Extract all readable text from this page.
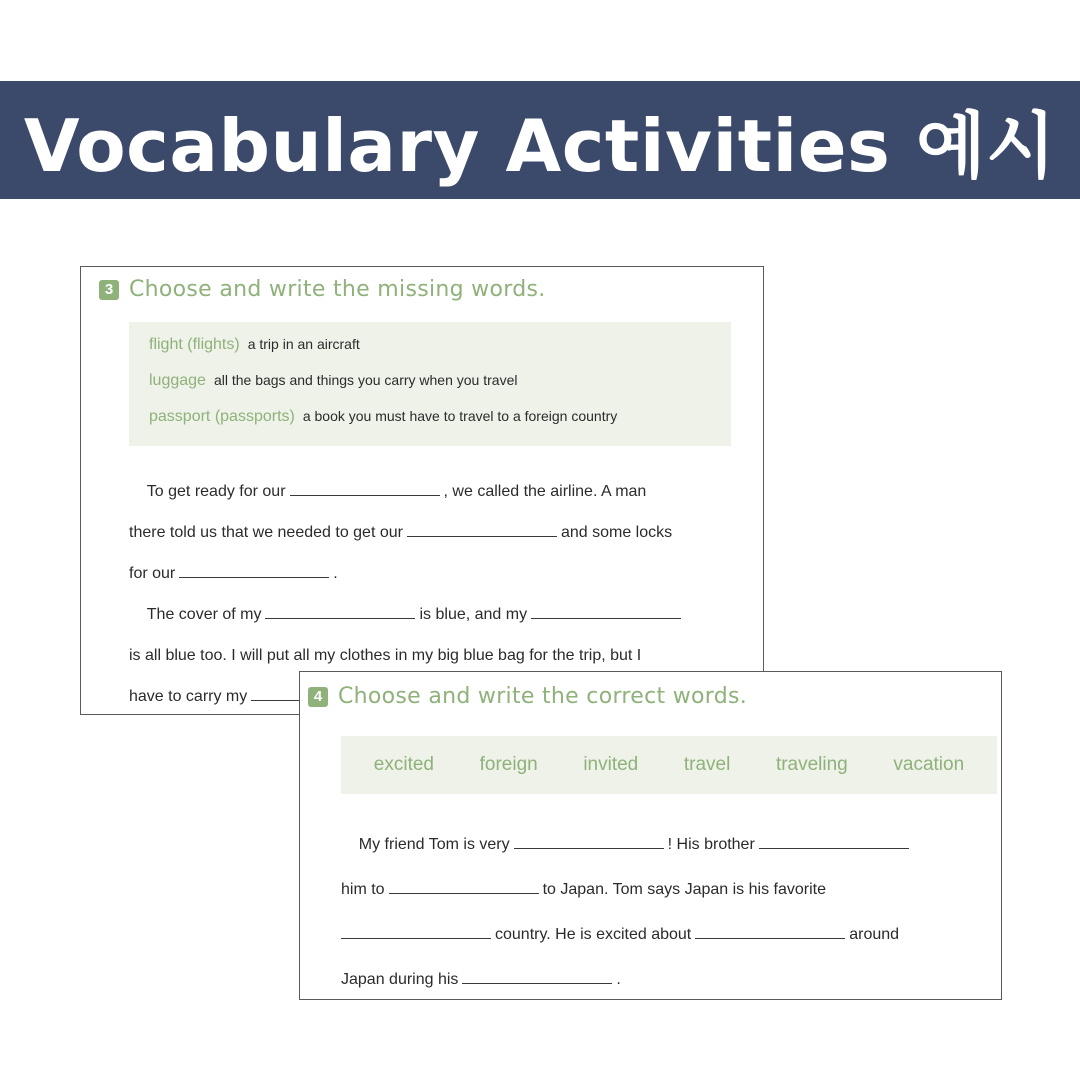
Vocabulary Activities 예시
3 Choose and write the missing words.
flight (flights) a trip in an aircraft
luggage all the bags and things you carry when you travel
passport (passports) a book you must have to travel to a foreign country
To get ready for our	, we called the airline. A man
there told us that we needed to get our	and some locks
for our	.
The cover of my	is blue, and my
is all blue too. I will put all my clothes in my big blue bag for the trip, but I
have to carry my	4 Choose and write the correct words.
excited foreign invited travel traveling vacation
My friend Tom is very	! His brother
him to	to Japan. Tom says Japan is his favorite
country. He is excited about	around
Japan during his	.
